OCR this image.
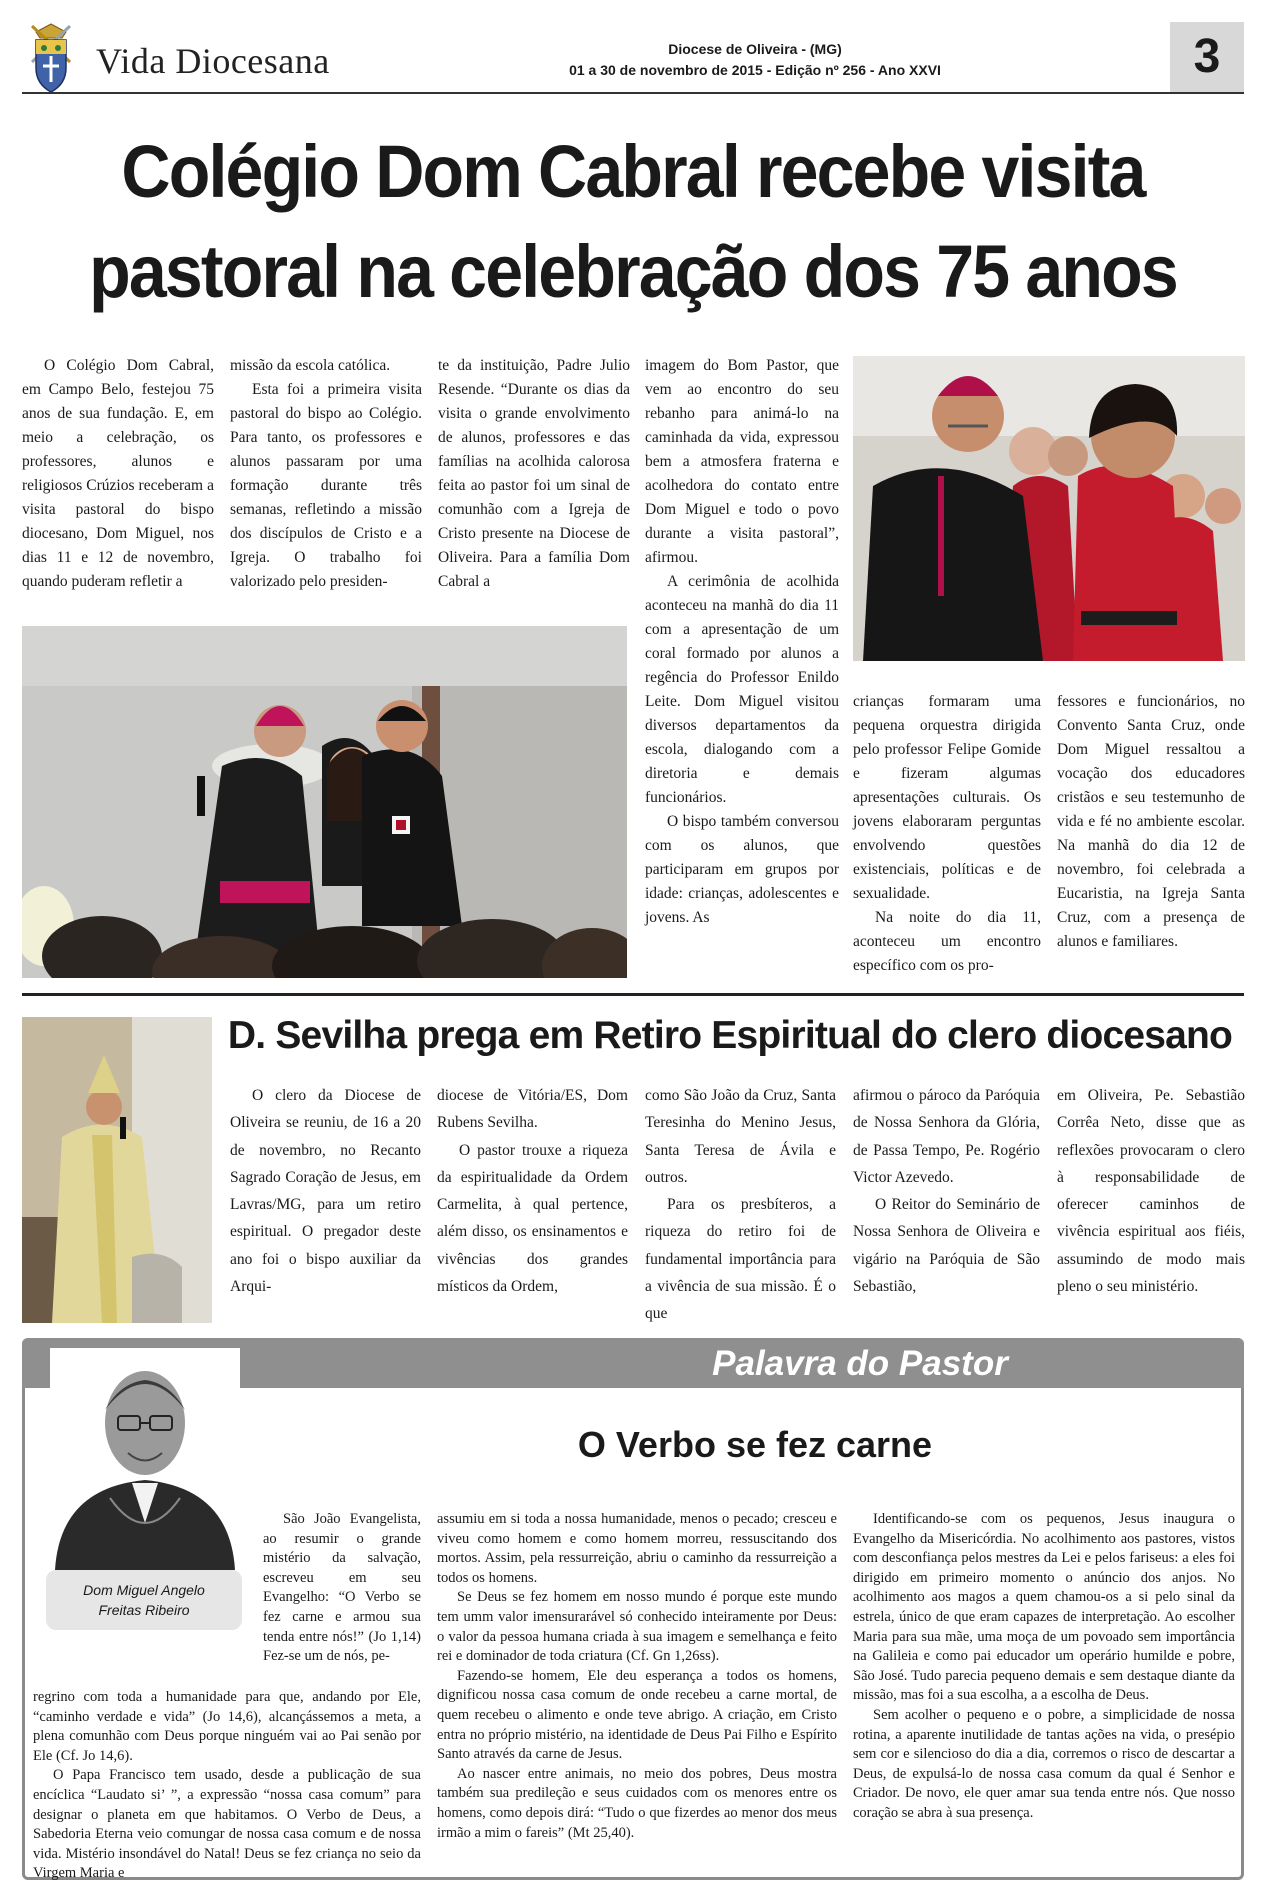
Vida Diocesana	Diocese de Oliveira - (MG)
01 a 30 de novembro de 2015 - Edição nº 256 - Ano XXVI	3
Colégio Dom Cabral recebe visita
pastoral na celebração dos 75 anos

O Colégio Dom Cabral, em Campo Belo, festejou 75 anos de sua fundação. E, em meio a celebração, os professores, alunos e religiosos Crúzios receberam a visita pastoral do bispo diocesano, Dom Miguel, nos dias 11 e 12 de novembro, quando puderam refletir a

missão da escola católica.

Esta foi a primeira visita pastoral do bispo ao Colégio. Para tanto, os professores e alunos passaram por uma formação durante três semanas, refletindo a missão dos discípulos de Cristo e a Igreja. O trabalho foi valorizado pelo presiden-

te da instituição, Padre Julio Resende. “Durante os dias da visita o grande envolvimento de alunos, professores e das famílias na acolhida calorosa feita ao pastor foi um sinal de comunhão com a Igreja de Cristo presente na Diocese de Oliveira. Para a família Dom Cabral a

imagem do Bom Pastor, que vem ao encontro do seu rebanho para animá-lo na caminhada da vida, expressou bem a atmosfera fraterna e acolhedora do contato entre Dom Miguel e todo o povo durante a visita pastoral”, afirmou.

A cerimônia de acolhida aconteceu na manhã do dia 11 com a apresentação de um coral formado por alunos a regência do Professor Enildo Leite. Dom Miguel visitou diversos departamentos da escola, dialogando com a diretoria e demais funcionários.

O bispo também conversou com os alunos, que participaram em grupos por idade: crianças, adolescentes e jovens. As

crianças formaram uma pequena orquestra dirigida pelo professor Felipe Gomide e fizeram algumas apresentações culturais. Os jovens elaboraram perguntas envolvendo questões existenciais, políticas e de sexualidade.

Na noite do dia 11, aconteceu um encontro específico com os pro-

fessores e funcionários, no Convento Santa Cruz, onde Dom Miguel ressaltou a vocação dos educadores cristãos e seu testemunho de vida e fé no ambiente escolar. Na manhã do dia 12 de novembro, foi celebrada a Eucaristia, na Igreja Santa Cruz, com a presença de alunos e familiares.

D. Sevilha prega em Retiro Espiritual do clero diocesano

O clero da Diocese de Oliveira se reuniu, de 16 a 20 de novembro, no Recanto Sagrado Coração de Jesus, em Lavras/MG, para um retiro espiritual. O pregador deste ano foi o bispo auxiliar da Arqui-

diocese de Vitória/ES, Dom Rubens Sevilha.

O pastor trouxe a riqueza da espiritualidade da Ordem Carmelita, à qual pertence, além disso, os ensinamentos e vivências dos grandes místicos da Ordem,

como São João da Cruz, Santa Teresinha do Menino Jesus, Santa Teresa de Ávila e outros.

Para os presbíteros, a riqueza do retiro foi de fundamental importância para a vivência de sua missão. É o que

afirmou o pároco da Paróquia de Nossa Senhora da Glória, de Passa Tempo, Pe. Rogério Victor Azevedo.

O Reitor do Seminário de Nossa Senhora de Oliveira e vigário na Paróquia de São Sebastião,

em Oliveira, Pe. Sebastião Corrêa Neto, disse que as reflexões provocaram o clero à responsabilidade de oferecer caminhos de vivência espiritual aos fiéis, assumindo de modo mais pleno o seu ministério.

Palavra do Pastor
O Verbo se fez carne
Dom Miguel Angelo
Freitas Ribeiro

São João Evangelista, ao resumir o grande mistério da salvação, escreveu em seu Evangelho: “O Verbo se fez carne e armou sua tenda entre nós!” (Jo 1,14) Fez-se um de nós, pe-

regrino com toda a humanidade para que, andando por Ele, “caminho verdade e vida” (Jo 14,6), alcançássemos a meta, a plena comunhão com Deus porque ninguém vai ao Pai senão por Ele (Cf. Jo 14,6).

O Papa Francisco tem usado, desde a publicação de sua encíclica “Laudato si’ ”, a expressão “nossa casa comum” para designar o planeta em que habitamos. O Verbo de Deus, a Sabedoria Eterna veio comungar de nossa casa comum e de nossa vida. Mistério insondável do Natal! Deus se fez criança no seio da Virgem Maria e

assumiu em si toda a nossa humanidade, menos o pecado; cresceu e viveu como homem e como homem morreu, ressuscitando dos mortos. Assim, pela ressurreição, abriu o caminho da ressurreição a todos os homens.

Se Deus se fez homem em nosso mundo é porque este mundo tem umm valor imensurarável só conhecido inteiramente por Deus: o valor da pessoa humana criada à sua imagem e semelhança e feito rei e dominador de toda criatura (Cf. Gn 1,26ss).

Fazendo-se homem, Ele deu esperança a todos os homens, dignificou nossa casa comum de onde recebeu a carne mortal, de quem recebeu o alimento e onde teve abrigo. A criação, em Cristo entra no próprio mistério, na identidade de Deus Pai Filho e Espírito Santo através da carne de Jesus.

Ao nascer entre animais, no meio dos pobres, Deus mostra também sua predileção e seus cuidados com os menores entre os homens, como depois dirá: “Tudo o que fizerdes ao menor dos meus irmão a mim o fareis” (Mt 25,40).

Identificando-se com os pequenos, Jesus inaugura o Evangelho da Misericórdia. No acolhimento aos pastores, vistos com desconfiança pelos mestres da Lei e pelos fariseus: a eles foi dirigido em primeiro momento o anúncio dos anjos. No acolhimento aos magos a quem chamou-os a si pelo sinal da estrela, único de que eram capazes de interpretação. Ao escolher Maria para sua mãe, uma moça de um povoado sem importância na Galileia e como pai educador um operário humilde e pobre, São José. Tudo parecia pequeno demais e sem destaque diante da missão, mas foi a sua escolha, a a escolha de Deus.

Sem acolher o pequeno e o pobre, a simplicidade de nossa rotina, a aparente inutilidade de tantas ações na vida, o presépio sem cor e silencioso do dia a dia, corremos o risco de descartar a Deus, de expulsá-lo de nossa casa comum da qual é Senhor e Criador. De novo, ele quer amar sua tenda entre nós. Que nosso coração se abra à sua presença.
